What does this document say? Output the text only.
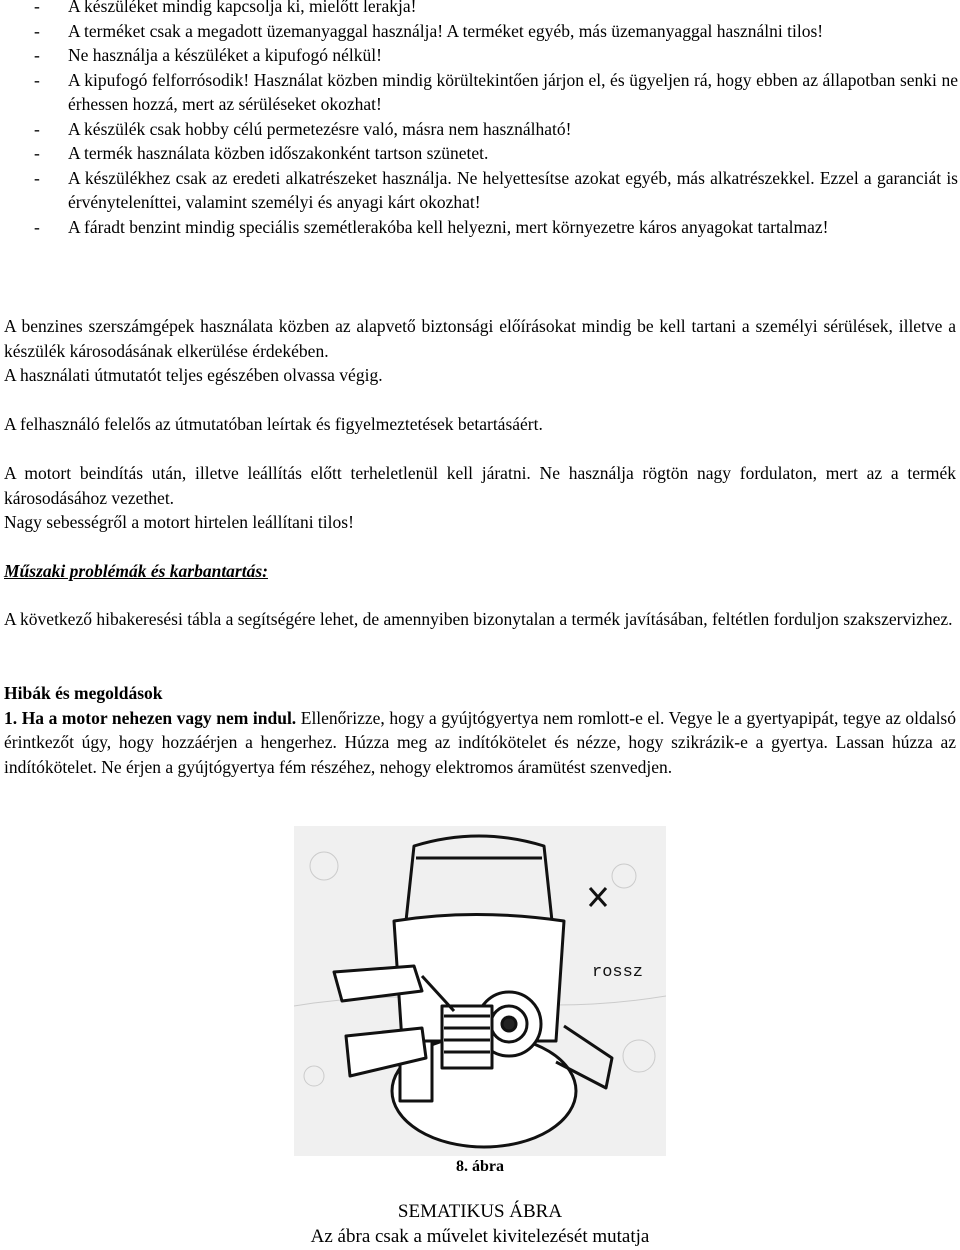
- A készüléket mindig kapcsolja ki, mielőtt lerakja!
- A terméket csak a megadott üzemanyaggal használja! A terméket egyéb, más üzemanyaggal használni tilos!
- Ne használja a készüléket a kipufogó nélkül!
- A kipufogó felforrósodik! Használat közben mindig körültekintően járjon el, és ügyeljen rá, hogy ebben az állapotban senki ne érhessen hozzá, mert az sérüléseket okozhat!
- A készülék csak hobby célú permetezésre való, másra nem használható!
- A termék használata közben időszakonként tartson szünetet.
- A készülékhez csak az eredeti alkatrészeket használja. Ne helyettesítse azokat egyéb, más alkatrészekkel. Ezzel a garanciát is érvényteleníttei, valamint személyi és anyagi kárt okozhat!
- A fáradt benzint mindig speciális szemétlerakóba kell helyezni, mert környezetre káros anyagokat tartalmaz!

A benzines szerszámgépek használata közben az alapvető biztonsági előírásokat mindig be kell tartani a személyi sérülések, illetve a készülék károsodásának elkerülése érdekében.
A használati útmutatót teljes egészében olvassa végig.

A felhasználó felelős az útmutatóban leírtak és figyelmeztetések betartásáért.

A motort beindítás után, illetve leállítás előtt terheletlenül kell járatni. Ne használja rögtön nagy fordulaton, mert az a termék károsodásához vezethet.
Nagy sebességről a motort hirtelen leállítani tilos!

Műszaki problémák és karbantartás:

A következő hibakeresési tábla a segítségére lehet, de amennyiben bizonytalan a termék javításában, feltétlen forduljon szakszervizhez.

Hibák és megoldások
1. Ha a motor nehezen vagy nem indul. Ellenőrizze, hogy a gyújtógyertya nem romlott-e el. Vegye le a gyertyapipát, tegye az oldalsó érintkezőt úgy, hogy hozzáérjen a hengerhez. Húzza meg az indítókötelet és nézze, hogy szikrázik-e a gyertya. Lassan húzza az indítókötelet. Ne érjen a gyújtógyertya fém részéhez, nehogy elektromos áramütést szenvedjen.

rossz
8. ábra
SEMATIKUS ÁBRA
Az ábra csak a művelet kivitelezését mutatja
